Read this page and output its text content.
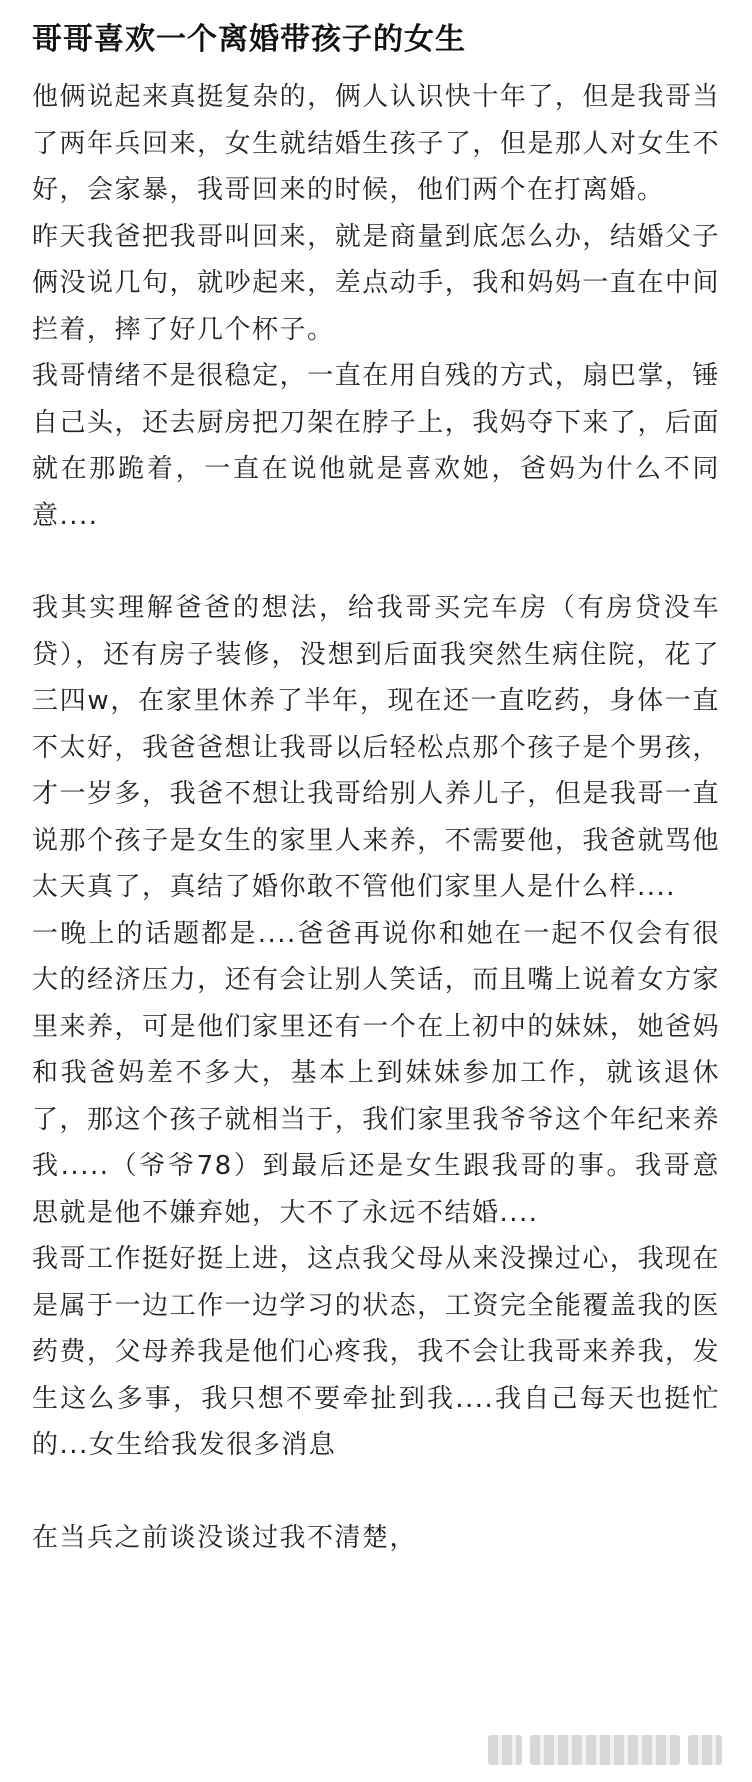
哥哥喜欢一个离婚带孩子的女生

他俩说起来真挺复杂的，俩人认识快十年了，但是我哥当了两年兵回来，女生就结婚生孩子了，但是那人对女生不好，会家暴，我哥回来的时候，他们两个在打离婚。

昨天我爸把我哥叫回来，就是商量到底怎么办，结婚父子俩没说几句，就吵起来，差点动手，我和妈妈一直在中间拦着，摔了好几个杯子。

我哥情绪不是很稳定，一直在用自残的方式，扇巴掌，锤自己头，还去厨房把刀架在脖子上，我妈夺下来了，后面就在那跪着，一直在说他就是喜欢她，爸妈为什么不同意....

我其实理解爸爸的想法，给我哥买完车房（有房贷没车贷），还有房子装修，没想到后面我突然生病住院，花了三四w，在家里休养了半年，现在还一直吃药，身体一直不太好，我爸爸想让我哥以后轻松点那个孩子是个男孩，才一岁多，我爸不想让我哥给别人养儿子，但是我哥一直说那个孩子是女生的家里人来养，不需要他，我爸就骂他太天真了，真结了婚你敢不管他们家里人是什么样....

一晚上的话题都是....爸爸再说你和她在一起不仅会有很大的经济压力，还有会让别人笑话，而且嘴上说着女方家里来养，可是他们家里还有一个在上初中的妹妹，她爸妈和我爸妈差不多大，基本上到妹妹参加工作，就该退休了，那这个孩子就相当于，我们家里我爷爷这个年纪来养我.....（爷爷78）到最后还是女生跟我哥的事。我哥意思就是他不嫌弃她，大不了永远不结婚....

我哥工作挺好挺上进，这点我父母从来没操过心，我现在是属于一边工作一边学习的状态，工资完全能覆盖我的医药费，父母养我是他们心疼我，我不会让我哥来养我，发生这么多事，我只想不要牵扯到我....我自己每天也挺忙的...女生给我发很多消息

在当兵之前谈没谈过我不清楚，
